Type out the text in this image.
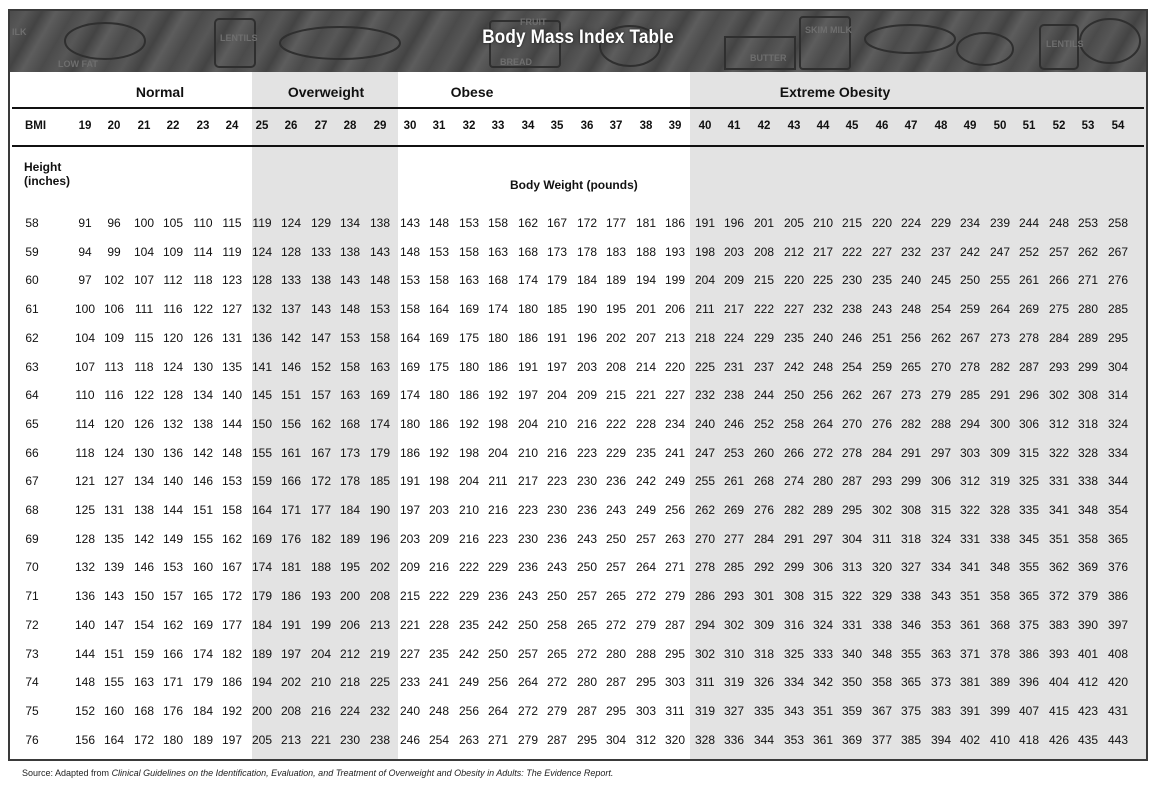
ILK
LENTILS
LOW FAT
FRUIT
BREAD
SKIM MILK
BUTTER
LENTILS
Body Mass Index Table
Normal	Overweight	Obese	Extreme Obesity
BMI
Height
(inches)	Body Weight (pounds)
19	20	21	22	23	24	25	26	27	28	29	30	31	32	33	34	35	36	37	38	39	40	41	42	43	44	45	46	47	48	49	50	51	52	53	54
58	91	96	100 105 110 115 119 124 129 134 138 143 148 153 158 162 167 172 177 181 186 191 196 201 205 210 215 220 224 229 234 239 244 248 253 258
59	94	99	104 109 114 119 124 128 133 138 143 148 153 158 163 168 173 178 183 188 193 198 203 208 212 217 222 227 232 237 242 247 252 257 262 267
60	97	102 107 112 118 123 128 133 138 143 148 153 158 163 168 174 179 184 189 194 199 204 209 215 220 225 230 235 240 245 250 255 261 266 271 276
61	100 106 111 116 122 127 132 137 143 148 153 158 164 169 174 180 185 190 195 201 206 211 217 222 227 232 238 243 248 254 259 264 269 275 280 285
62	104 109 115 120 126 131 136 142 147 153 158 164 169 175 180 186 191 196 202 207 213 218 224 229 235 240 246 251 256 262 267 273 278 284 289 295
63	107 113 118 124 130 135 141 146 152 158 163 169 175 180 186 191 197 203 208 214 220 225 231 237 242 248 254 259 265 270 278 282 287 293 299 304
64	110 116 122 128 134 140 145 151 157 163 169 174 180 186 192 197 204 209 215 221 227 232 238 244 250 256 262 267 273 279 285 291 296 302 308 314
65	114 120 126 132 138 144 150 156 162 168 174 180 186 192 198 204 210 216 222 228 234 240 246 252 258 264 270 276 282 288 294 300 306 312 318 324
66	118 124 130 136 142 148 155 161 167 173 179 186 192 198 204 210 216 223 229 235 241 247 253 260 266 272 278 284 291 297 303 309 315 322 328 334
67	121 127 134 140 146 153 159 166 172 178 185 191 198 204 211 217 223 230 236 242 249 255 261 268 274 280 287 293 299 306 312 319 325 331 338 344
68	125 131 138 144 151 158 164 171 177 184 190 197 203 210 216 223 230 236 243 249 256 262 269 276 282 289 295 302 308 315 322 328 335 341 348 354
69	128 135 142 149 155 162 169 176 182 189 196 203 209 216 223 230 236 243 250 257 263 270 277 284 291 297 304 311 318 324 331 338 345 351 358 365
70	132 139 146 153 160 167 174 181 188 195 202 209 216 222 229 236 243 250 257 264 271 278 285 292 299 306 313 320 327 334 341 348 355 362 369 376
71	136 143 150 157 165 172 179 186 193 200 208 215 222 229 236 243 250 257 265 272 279 286 293 301 308 315 322 329 338 343 351 358 365 372 379 386
72	140 147 154 162 169 177 184 191 199 206 213 221 228 235 242 250 258 265 272 279 287 294 302 309 316 324 331 338 346 353 361 368 375 383 390 397
73	144 151 159 166 174 182 189 197 204 212 219 227 235 242 250 257 265 272 280 288 295 302 310 318 325 333 340 348 355 363 371 378 386 393 401 408
74	148 155 163 171 179 186 194 202 210 218 225 233 241 249 256 264 272 280 287 295 303 311 319 326 334 342 350 358 365 373 381 389 396 404 412 420
75	152 160 168 176 184 192 200 208 216 224 232 240 248 256 264 272 279 287 295 303 311 319 327 335 343 351 359 367 375 383 391 399 407 415 423 431
76	156 164 172 180 189 197 205 213 221 230 238 246 254 263 271 279 287 295 304 312 320 328 336 344 353 361 369 377 385 394 402 410 418 426 435 443
Source: Adapted from Clinical Guidelines on the Identification, Evaluation, and Treatment of Overweight and Obesity in Adults: The Evidence Report.
